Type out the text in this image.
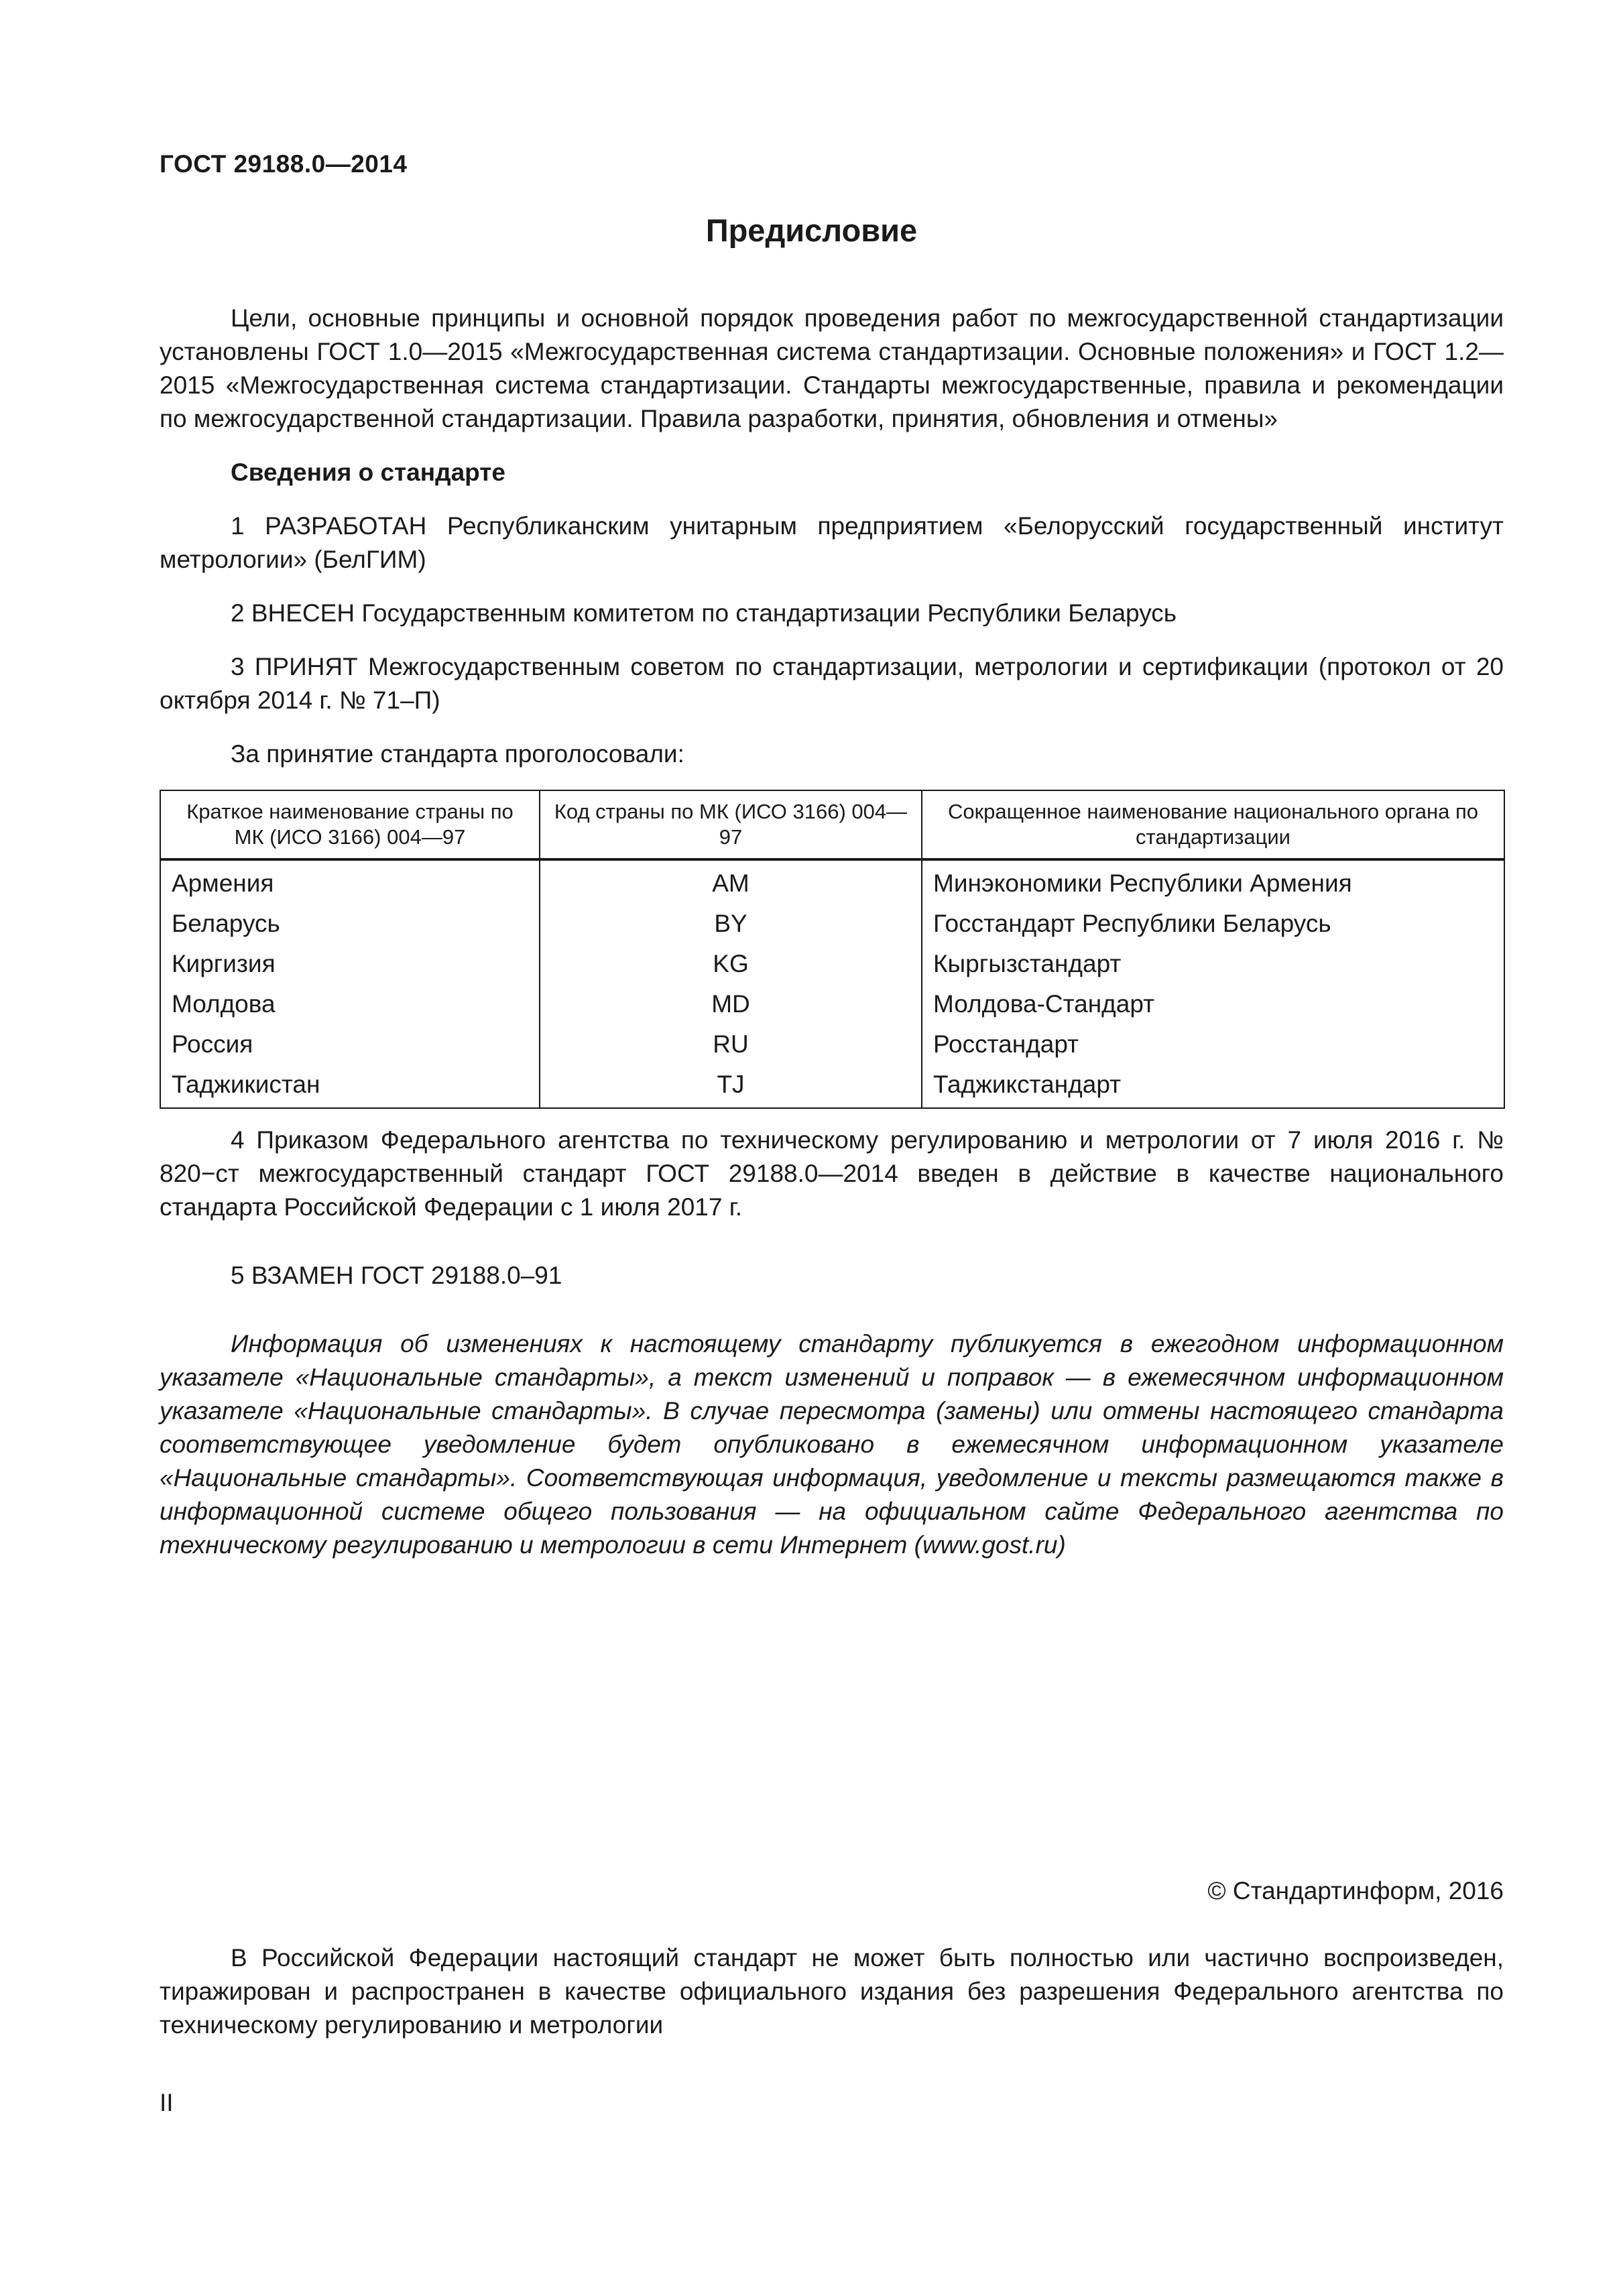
ГОСТ 29188.0—2014
Предисловие

Цели, основные принципы и основной порядок проведения работ по межгосударственной стандартизации установлены ГОСТ 1.0—2015 «Межгосударственная система стандартизации. Основные положения» и ГОСТ 1.2—2015 «Межгосударственная система стандартизации. Стандарты межгосударственные, правила и рекомендации по межгосударственной стандартизации. Правила разработки, принятия, обновления и отмены»

Сведения о стандарте

1 РАЗРАБОТАН Республиканским унитарным предприятием «Белорусский государственный институт метрологии» (БелГИМ)

2 ВНЕСЕН Государственным комитетом по стандартизации Республики Беларусь

3 ПРИНЯТ Межгосударственным советом по стандартизации, метрологии и сертификации (протокол от 20 октября 2014 г. № 71–П)

За принятие стандарта проголосовали:

Краткое наименование страны по МК (ИСО 3166) 004—97	Код страны по МК (ИСО 3166) 004—97	Сокращенное наименование национального органа по стандартизации
Армения	AM	Минэкономики Республики Армения
Беларусь	BY	Госстандарт Республики Беларусь
Киргизия	KG	Кыргызстандарт
Молдова	MD	Молдова-Стандарт
Россия	RU	Росстандарт
Таджикистан	TJ	Таджикстандарт

4 Приказом Федерального агентства по техническому регулированию и метрологии от 7 июля 2016 г. № 820−ст межгосударственный стандарт ГОСТ 29188.0—2014 введен в действие в качестве национального стандарта Российской Федерации с 1 июля 2017 г.

5 ВЗАМЕН ГОСТ 29188.0–91

Информация об изменениях к настоящему стандарту публикуется в ежегодном информационном указателе «Национальные стандарты», а текст изменений и поправок — в ежемесячном информационном указателе «Национальные стандарты». В случае пересмотра (замены) или отмены настоящего стандарта соответствующее уведомление будет опубликовано в ежемесячном информационном указателе «Национальные стандарты». Соответствующая информация, уведомление и тексты размещаются также в информационной системе общего пользования — на официальном сайте Федерального агентства по техническому регулированию и метрологии в сети Интернет (www.gost.ru)

© Стандартинформ, 2016

В Российской Федерации настоящий стандарт не может быть полностью или частично воспроизведен, тиражирован и распространен в качестве официального издания без разрешения Федерального агентства по техническому регулированию и метрологии

II
